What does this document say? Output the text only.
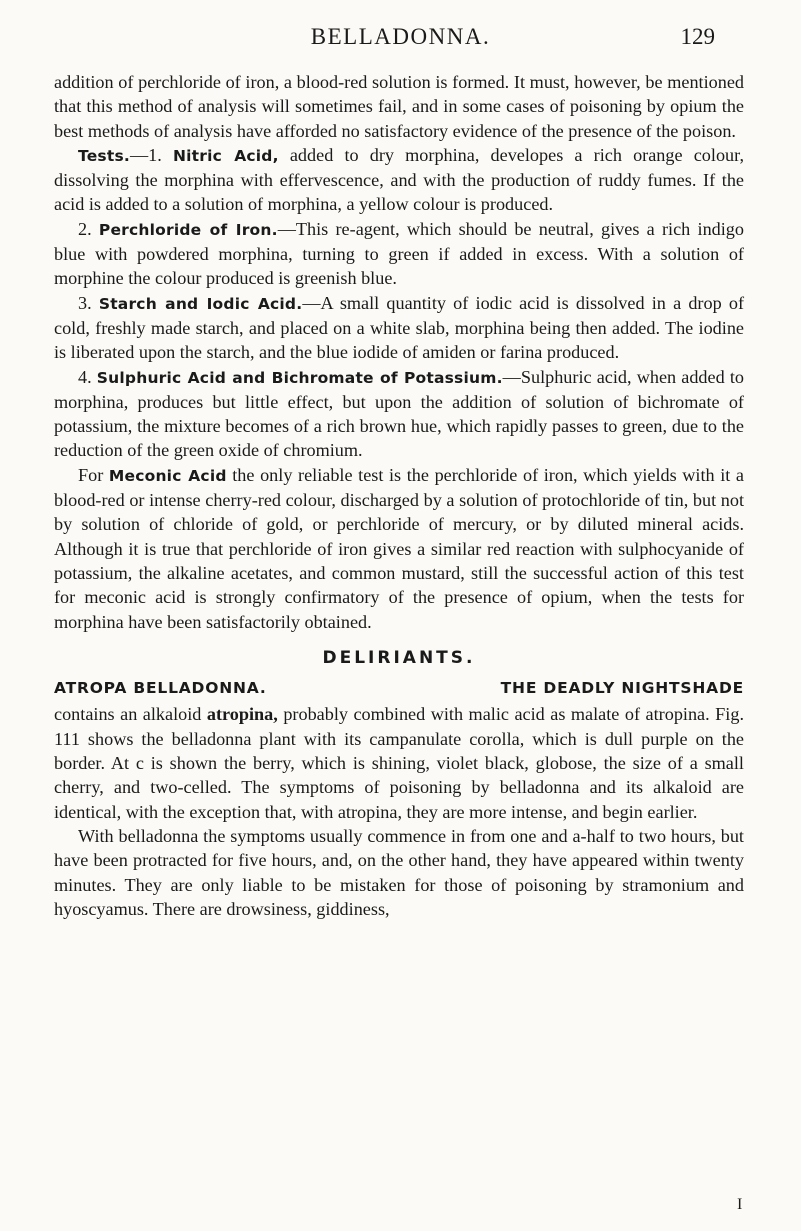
BELLADONNA.	129

addition of perchloride of iron, a blood-red solution is formed. It must, however, be mentioned that this method of analysis will sometimes fail, and in some cases of poisoning by opium the best methods of analysis have afforded no satisfactory evidence of the presence of the poison.

Tests.—1. Nitric Acid, added to dry morphina, developes a rich orange colour, dissolving the morphina with effervescence, and with the production of ruddy fumes. If the acid is added to a solution of morphina, a yellow colour is produced.

2. Perchloride of Iron.—This re-agent, which should be neutral, gives a rich indigo blue with powdered morphina, turning to green if added in excess. With a solution of morphine the colour produced is greenish blue.

3. Starch and Iodic Acid.—A small quantity of iodic acid is dissolved in a drop of cold, freshly made starch, and placed on a white slab, morphina being then added. The iodine is liberated upon the starch, and the blue iodide of amiden or farina produced.

4. Sulphuric Acid and Bichromate of Potassium.—Sulphuric acid, when added to morphina, produces but little effect, but upon the addition of solution of bichromate of potassium, the mixture becomes of a rich brown hue, which rapidly passes to green, due to the reduction of the green oxide of chromium.

For Meconic Acid the only reliable test is the perchloride of iron, which yields with it a blood-red or intense cherry-red colour, discharged by a solution of protochloride of tin, but not by solution of chloride of gold, or perchloride of mercury, or by diluted mineral acids. Although it is true that perchloride of iron gives a similar red reaction with sulphocyanide of potassium, the alkaline acetates, and common mustard, still the successful action of this test for meconic acid is strongly confirmatory of the presence of opium, when the tests for morphina have been satisfactorily obtained.

DELIRIANTS.
ATROPA BELLADONNA.	THE DEADLY NIGHTSHADE

contains an alkaloid atropina, probably combined with malic acid as malate of atropina. Fig. 111 shows the belladonna plant with its campanulate corolla, which is dull purple on the border. At c is shown the berry, which is shining, violet black, globose, the size of a small cherry, and two-celled. The symptoms of poisoning by belladonna and its alkaloid are identical, with the exception that, with atropina, they are more intense, and begin earlier.

With belladonna the symptoms usually commence in from one and a-half to two hours, but have been protracted for five hours, and, on the other hand, they have appeared within twenty minutes. They are only liable to be mistaken for those of poisoning by stramonium and hyoscyamus. There are drowsiness, giddiness,

I
